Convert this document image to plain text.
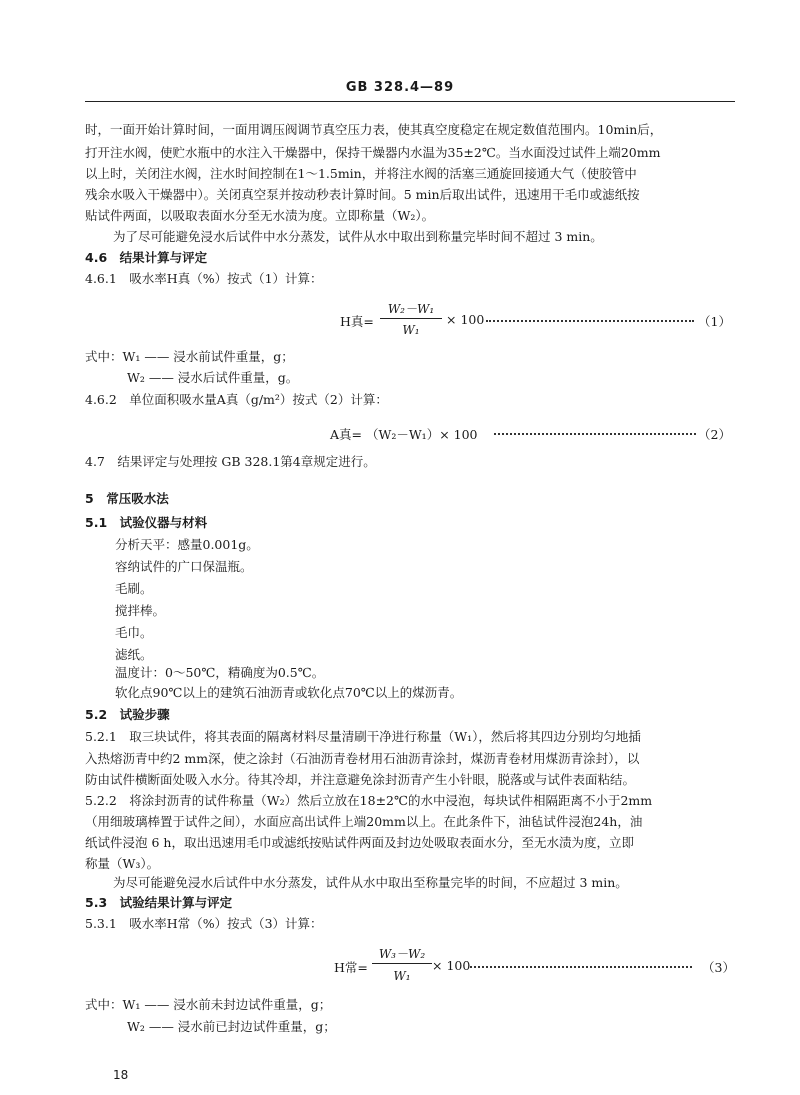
GB 328.4—89
时，一面开始计算时间，一面用调压阀调节真空压力表，使其真空度稳定在规定数值范围内。10min后，
打开注水阀，使贮水瓶中的水注入干燥器中，保持干燥器内水温为35±2℃。当水面没过试件上端20mm
以上时，关闭注水阀，注水时间控制在1～1.5min，并将注水阀的活塞三通旋回接通大气（使胶管中
残余水吸入干燥器中）。关闭真空泵并按动秒表计算时间。5 min后取出试件，迅速用干毛巾或滤纸按
贴试件两面，以吸取表面水分至无水渍为度。立即称量（W₂）。
为了尽可能避免浸水后试件中水分蒸发，试件从水中取出到称量完毕时间不超过 3 min。
4.6　结果计算与评定
4.6.1　吸水率H真（%）按式（1）计算：
H真=
W₂－W₁
W₁
× 100	（1）
式中：W₁ —— 浸水前试件重量，g；
W₂ —— 浸水后试件重量，g。
4.6.2　单位面积吸水量A真（g/m²）按式（2）计算：
A真= （W₂－W₁）× 100	（2）
4.7　结果评定与处理按 GB 328.1第4章规定进行。
5　常压吸水法
5.1　试验仪器与材料
分析天平：感量0.001g。
容纳试件的广口保温瓶。
毛刷。
搅拌棒。
毛巾。
滤纸。
温度计：0～50℃，精确度为0.5℃。
软化点90℃以上的建筑石油沥青或软化点70℃以上的煤沥青。
5.2　试验步骤
5.2.1　取三块试件，将其表面的隔离材料尽量清刷干净进行称量（W₁），然后将其四边分别均匀地插
入热熔沥青中约2 mm深，使之涂封（石油沥青卷材用石油沥青涂封，煤沥青卷材用煤沥青涂封），以
防由试件横断面处吸入水分。待其冷却，并注意避免涂封沥青产生小针眼，脱落或与试件表面粘结。
5.2.2　将涂封沥青的试件称量（W₂）然后立放在18±2℃的水中浸泡，每块试件相隔距离不小于2mm
（用细玻璃棒置于试件之间），水面应高出试件上端20mm以上。在此条件下，油毡试件浸泡24h，油
纸试件浸泡 6 h，取出迅速用毛巾或滤纸按贴试件两面及封边处吸取表面水分，至无水渍为度，立即
称量（W₃）。
为尽可能避免浸水后试件中水分蒸发，试件从水中取出至称量完毕的时间，不应超过 3 min。
5.3　试验结果计算与评定
5.3.1　吸水率H常（%）按式（3）计算：
H常=
W₃－W₂
W₁
× 100	（3）
式中：W₁ —— 浸水前未封边试件重量，g；
W₂ —— 浸水前已封边试件重量，g；
18
